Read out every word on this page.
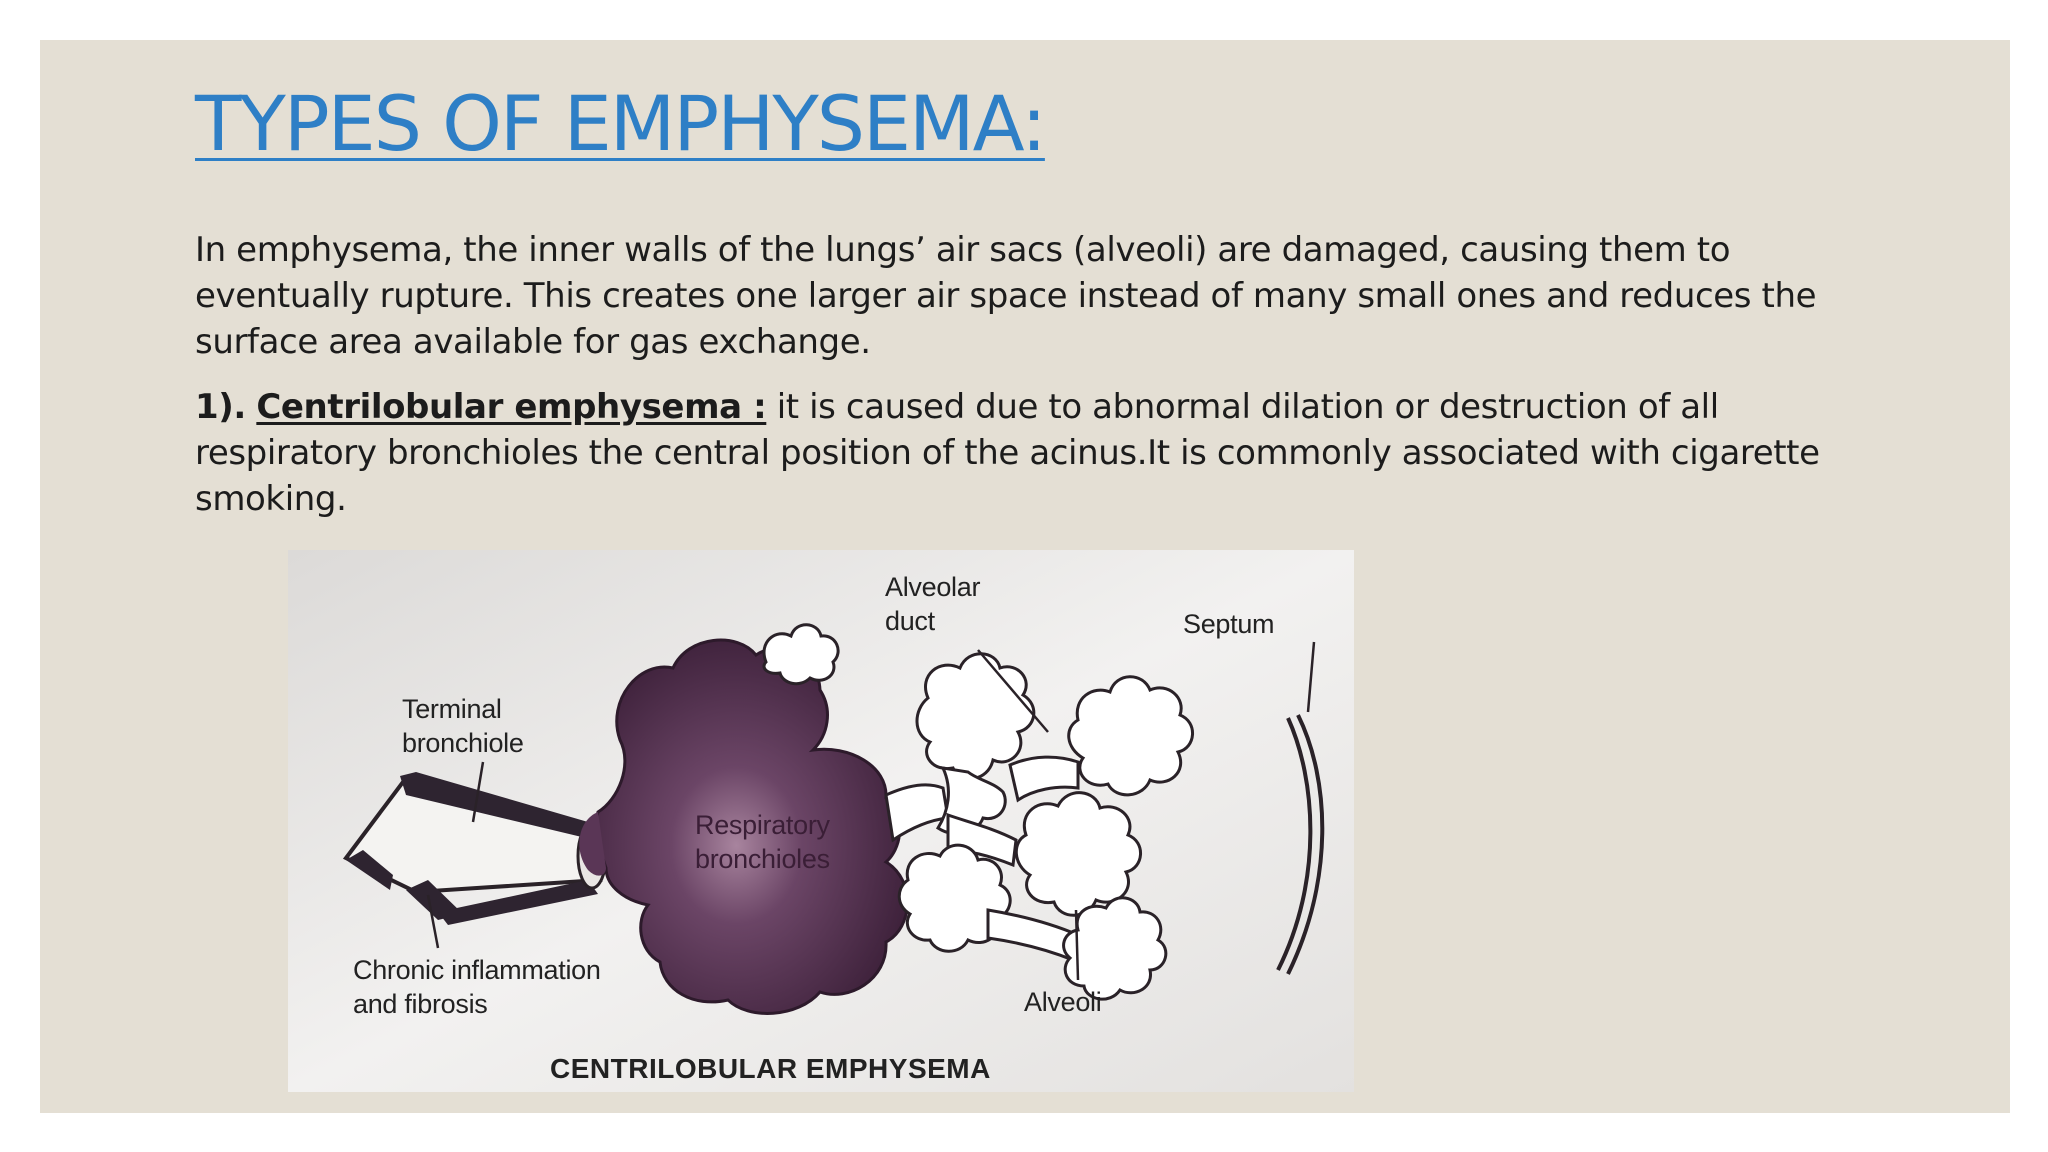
TYPES OF EMPHYSEMA:

In emphysema, the inner walls of the lungs’ air sacs (alveoli) are damaged, causing them to eventually rupture. This creates one larger air space instead of many small ones and reduces the surface area available for gas exchange.

1). Centrilobular emphysema : it is caused due to abnormal dilation or destruction of all respiratory bronchioles the central position of the acinus.It is commonly associated with cigarette smoking.

Alveolar
duct	Septum
Terminal
bronchiole
Respiratory
bronchioles
Chronic inflammation
and fibrosis	Alveoli
CENTRILOBULAR EMPHYSEMA
